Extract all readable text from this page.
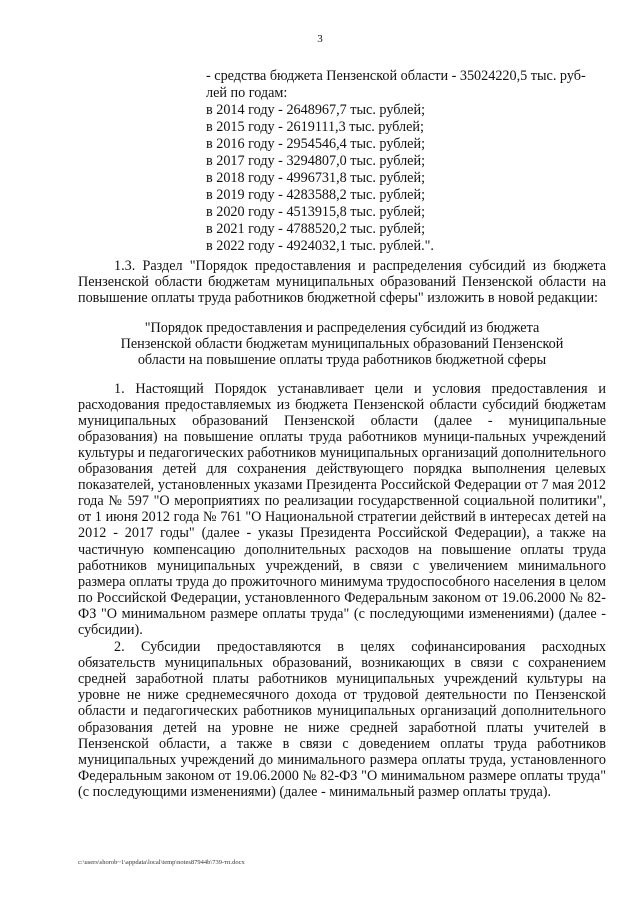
3
- средства бюджета Пензенской области - 35024220,5 тыс. руб-
лей по годам:
в 2014 году - 2648967,7 тыс. рублей;
в 2015 году - 2619111,3 тыс. рублей;
в 2016 году - 2954546,4 тыс. рублей;
в 2017 году - 3294807,0 тыс. рублей;
в 2018 году - 4996731,8 тыс. рублей;
в 2019 году - 4283588,2 тыс. рублей;
в 2020 году - 4513915,8 тыс. рублей;
в 2021 году - 4788520,2 тыс. рублей;
в 2022 году - 4924032,1 тыс. рублей.".

1.3. Раздел "Порядок предоставления и распределения субсидий из бюджета Пензенской области бюджетам муниципальных образований Пензенской области на повышение оплаты труда работников бюджетной сферы" изложить в новой редакции:

"Порядок предоставления и распределения субсидий из бюджета
Пензенской области бюджетам муниципальных образований Пензенской
области на повышение оплаты труда работников бюджетной сферы

1. Настоящий Порядок устанавливает цели и условия предоставления и расходования предоставляемых из бюджета Пензенской области субсидий бюджетам муниципальных образований Пензенской области (далее - муниципальные образования) на повышение оплаты труда работников муници-пальных учреждений культуры и педагогических работников муниципальных организаций дополнительного образования детей для сохранения действующего порядка выполнения целевых показателей, установленных указами Президента Российской Федерации от 7 мая 2012 года № 597 "О мероприятиях по реализации государственной социальной политики", от 1 июня 2012 года № 761 "О Национальной стратегии действий в интересах детей на 2012 - 2017 годы" (далее - указы Президента Российской Федерации), а также на частичную компенсацию дополнительных расходов на повышение оплаты труда работников муниципальных учреждений, в связи с увеличением минимального размера оплаты труда до прожиточного минимума трудоспособного населения в целом по Российской Федерации, установленного Федеральным законом от 19.06.2000 № 82-ФЗ "О минимальном размере оплаты труда" (с последующими изменениями) (далее - субсидии).

2. Субсидии предоставляются в целях софинансирования расходных обязательств муниципальных образований, возникающих в связи с сохранением средней заработной платы работников муниципальных учреждений культуры на уровне не ниже среднемесячного дохода от трудовой деятельности по Пензенской области и педагогических работников муниципальных организаций дополнительного образования детей на уровне не ниже средней заработной платы учителей в Пензенской области, а также в связи с доведением оплаты труда работников муниципальных учреждений до минимального размера оплаты труда, установленного Федеральным законом от 19.06.2000 № 82-ФЗ "О минимальном размере оплаты труда" (с последующими изменениями) (далее - минимальный размер оплаты труда).

c:\users\shorob~1\appdata\local\temp\notes87944b\739-тп.docx
